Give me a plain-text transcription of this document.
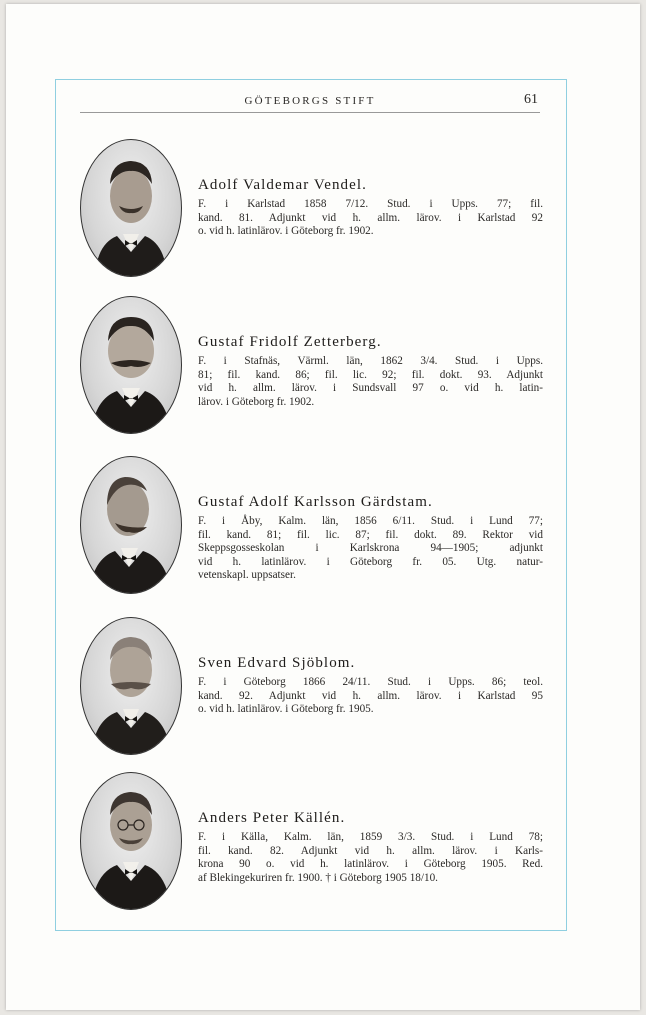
GÖTEBORGS STIFT	61
Adolf Valdemar Vendel.
F. i Karlstad 1858 7/12. Stud. i Upps. 77; fil.
kand. 81. Adjunkt vid h. allm. lärov. i Karlstad 92
o. vid h. latinlärov. i Göteborg fr. 1902.
Gustaf Fridolf Zetterberg.
F. i Stafnäs, Värml. län, 1862 3/4. Stud. i Upps.
81; fil. kand. 86; fil. lic. 92; fil. dokt. 93. Adjunkt
vid h. allm. lärov. i Sundsvall 97 o. vid h. latin-
lärov. i Göteborg fr. 1902.
Gustaf Adolf Karlsson Gärdstam.
F. i Åby, Kalm. län, 1856 6/11. Stud. i Lund 77;
fil. kand. 81; fil. lic. 87; fil. dokt. 89. Rektor vid
Skeppsgosseskolan i Karlskrona 94—1905; adjunkt
vid h. latinlärov. i Göteborg fr. 05. Utg. natur-
vetenskapl. uppsatser.
Sven Edvard Sjöblom.
F. i Göteborg 1866 24/11. Stud. i Upps. 86; teol.
kand. 92. Adjunkt vid h. allm. lärov. i Karlstad 95
o. vid h. latinlärov. i Göteborg fr. 1905.
Anders Peter Källén.
F. i Källa, Kalm. län, 1859 3/3. Stud. i Lund 78;
fil. kand. 82. Adjunkt vid h. allm. lärov. i Karls-
krona 90 o. vid h. latinlärov. i Göteborg 1905. Red.
af Blekingekuriren fr. 1900. † i Göteborg 1905 18/10.
